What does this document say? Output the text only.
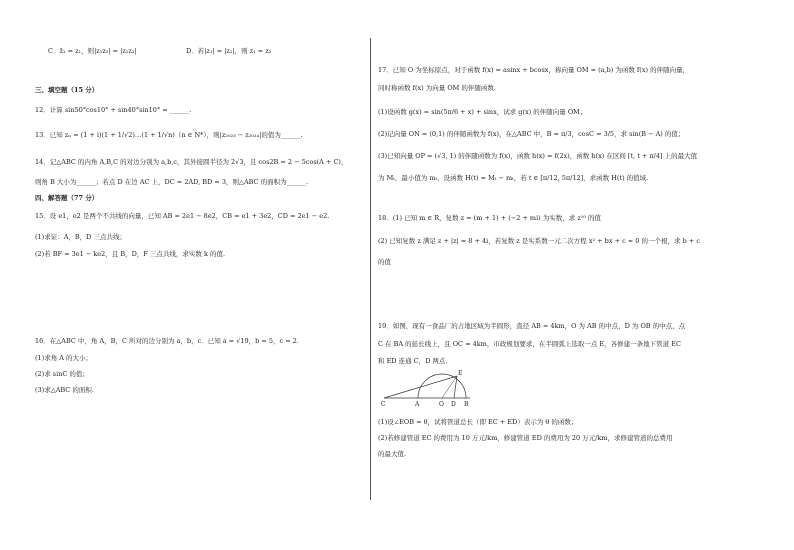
C．z̄₁ = z₁，则|z₁z₂| = |z₁z₂|	D．若|z₁| = |z₂|，则 z₁ = z₂
三、填空题（15 分）
12．计算 sin50°cos10° + sin40°sin10° = ______.
13．已知 zₙ = (1 + i)(1 + 1/√2)…(1 + 1/√n)（n ∈ N*），则|z₂₀₂₃ − z₂₀₂₄|的值为______.
14．记△ABC 的内角 A,B,C 的对边分别为 a,b,c，其外接圆半径为 2√3，且 cos2B = 2 − 5cos(A + C)，
则角 B 大小为______；若点 D 在边 AC 上，DC = 2AD, BD = 3，则△ABC 的面积为______.
四、解答题（77 分）
15．设 e1，e2 是两个不共线的向量，已知 AB = 2e1 − 8e2，CB = e1 + 3e2，CD = 2e1 − e2.
(1)求证：A，B，D 三点共线；
(2)若 BF = 3e1 − ke2，且 B，D，F 三点共线，求实数 k 的值.
16．在△ABC 中，角 A，B，C 所对的边分别为 a，b，c．已知 a = √19，b = 5，c = 2．
(1)求角 A 的大小；
(2)求 sinC 的值；
(3)求△ABC 的面积.
17．已知 O 为坐标原点，对于函数 f(x) = asinx + bcosx，称向量 OM = (a,b) 为函数 f(x) 的伴随向量，
同时称函数 f(x) 为向量 OM 的伴随函数.
(1)设函数 g(x) = sin(5π/6 + x) + sinx，试求 g(x) 的伴随向量 OM；
(2)记向量 ON = (0,1) 的伴随函数为 f(x)，在△ABC 中，B = π/3，cosC = 3/5，求 sin(B − A) 的值；
(3)已知向量 OP = (√3, 1) 的伴随函数为 f(x)，函数 h(x) = f(2x)，函数 h(x) 在区间 [t, t + π/4] 上的最大值
为 Mₜ，最小值为 mₜ，设函数 H(t) = Mₜ − mₜ，若 t ∈ [π/12, 5π/12]，求函数 H(t) 的值域.
18．(1) 已知 m ∈ R，复数 z = (m + 1) + (−2 + mi) 为实数，求 z¹⁰ 的值
(2) 已知复数 z 满足 z + |z| = 8 + 4i，若复数 z 是实系数一元二次方程 x² + bx + c = 0 的一个根，求 b + c
的值
19．如图，现有一食品厂的占地区域为半圆形，直径 AB = 4km，O 为 AB 的中点，D 为 OB 的中点，点
C 在 BA 的延长线上，且 OC = 4km，市政规划要求，在半圆弧上选取一点 E，各修建一条地下管道 EC
和 ED 连通 C，D 两点.
C	A	O D B
E
(1)设∠EOB = θ，试将管道总长（即 EC + ED）表示为 θ 的函数；
(2)若修建管道 EC 的费用为 10 万元/km，修建管道 ED 的费用为 20 万元/km，求修建管道的总费用
的最大值.
